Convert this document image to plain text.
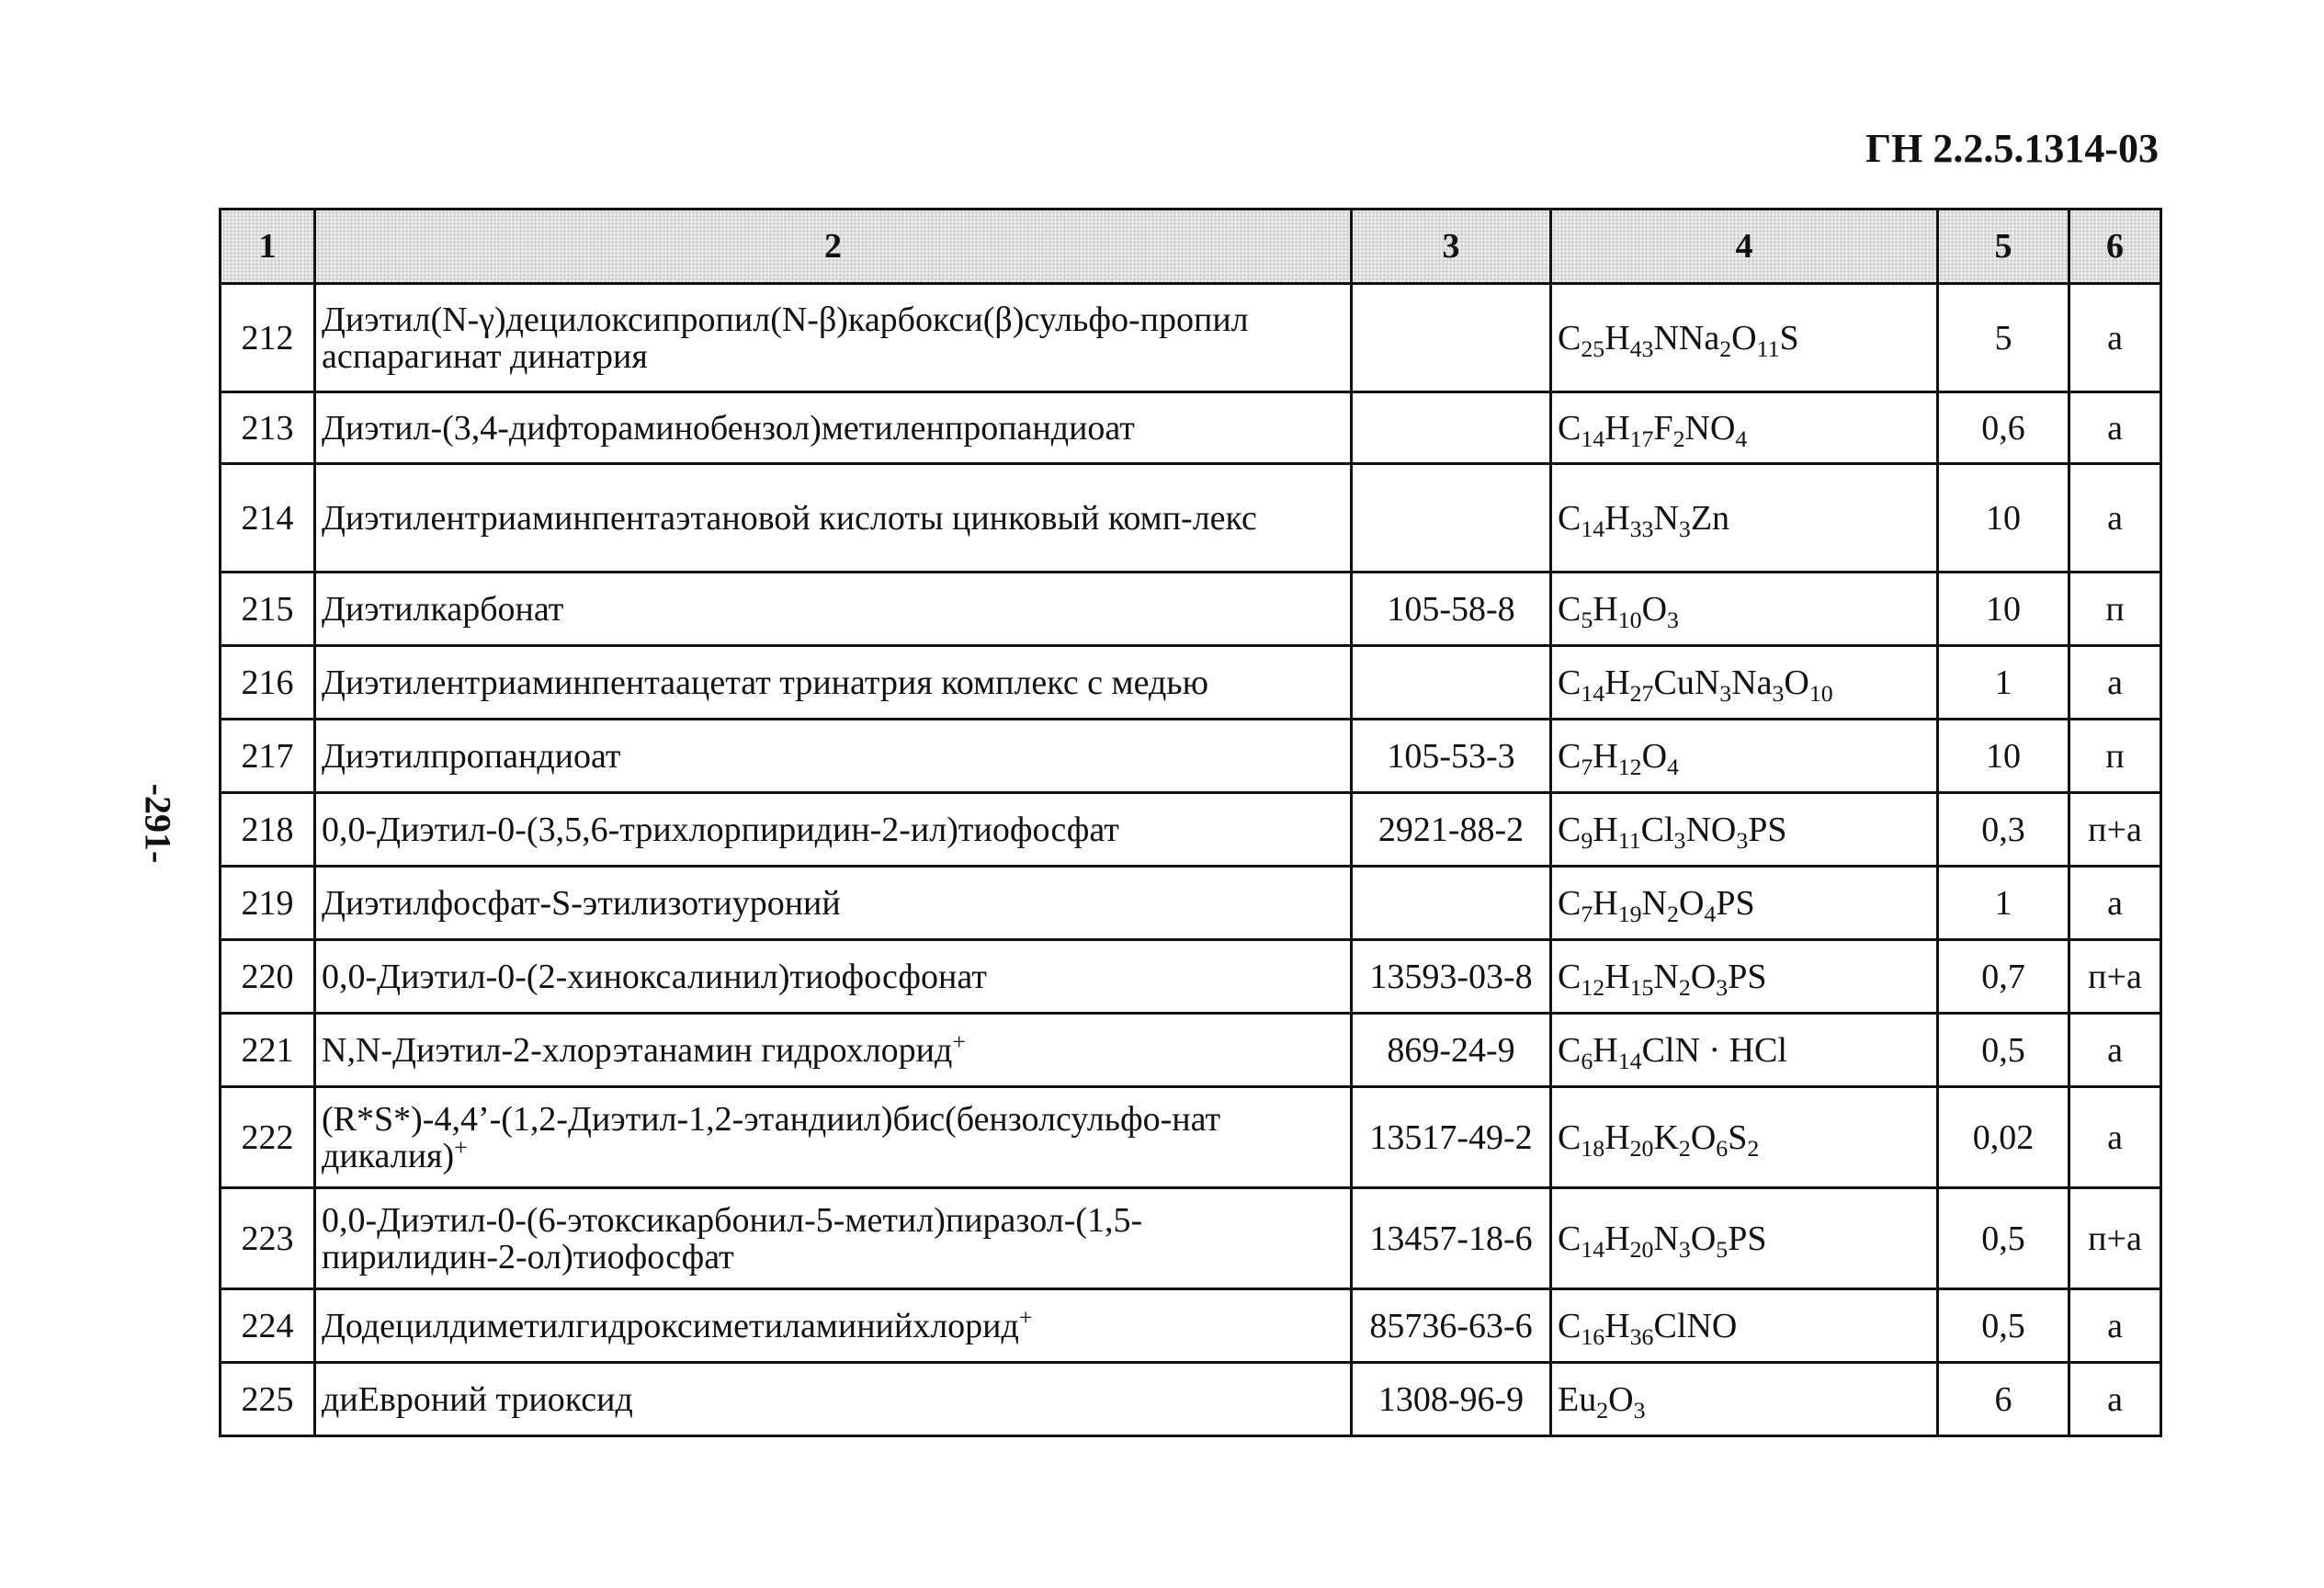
ГН 2.2.5.1314-03
-291-
1	2	3	4	5	6
212	Диэтил(N-γ)децилоксипропил(N-β)карбокси(β)сульфо-пропил аспарагинат динатрия		$C_{25}H_{43}NNa_2O_{11}S$	5	а
213	Диэтил-(3,4-дифтораминобензол)метиленпропандиоат		$C_{14}H_{17}F_2NO_4$	0,6	а
214	Диэтилентриаминпентаэтановой кислоты цинковый комп-лекс		$C_{14}H_{33}N_3Zn$	10	а
215	Диэтилкарбонат	105-58-8	$C_5H_{10}O_3$	10	п
216	Диэтилентриаминпентаацетат тринатрия комплекс с медью		$C_{14}H_{27}CuN_3Na_3O_{10}$	1	а
217	Диэтилпропандиоат	105-53-3	$C_7H_{12}O_4$	10	п
218	0,0-Диэтил-0-(3,5,6-трихлорпиридин-2-ил)тиофосфат	2921-88-2	$C_9H_{11}Cl_3NO_3PS$	0,3	п+а
219	Диэтилфосфат-S-этилизотиуроний		$C_7H_{19}N_2O_4PS$	1	а
220	0,0-Диэтил-0-(2-хиноксалинил)тиофосфонат	13593-03-8	$C_{12}H_{15}N_2O_3PS$	0,7	п+а
221	N,N-Диэтил-2-хлорэтанамин гидрохлорид+	869-24-9	$C_6H_{14}ClN$ · HCl	0,5	а
222	(R*S*)-4,4’-(1,2-Диэтил-1,2-этандиил)бис(бензолсульфо-нат дикалия)+	13517-49-2	$C_{18}H_{20}K_2O_6S_2$	0,02	а
223	0,0-Диэтил-0-(6-этоксикарбонил-5-метил)пиразол-(1,5-пирилидин-2-ол)тиофосфат	13457-18-6	$C_{14}H_{20}N_3O_5PS$	0,5	п+а
224	Додецилдиметилгидроксиметиламинийхлорид+	85736-63-6	$C_{16}H_{36}ClNO$	0,5	а
225	диЕвроний триоксид	1308-96-9	$Eu_2O_3$	6	а
